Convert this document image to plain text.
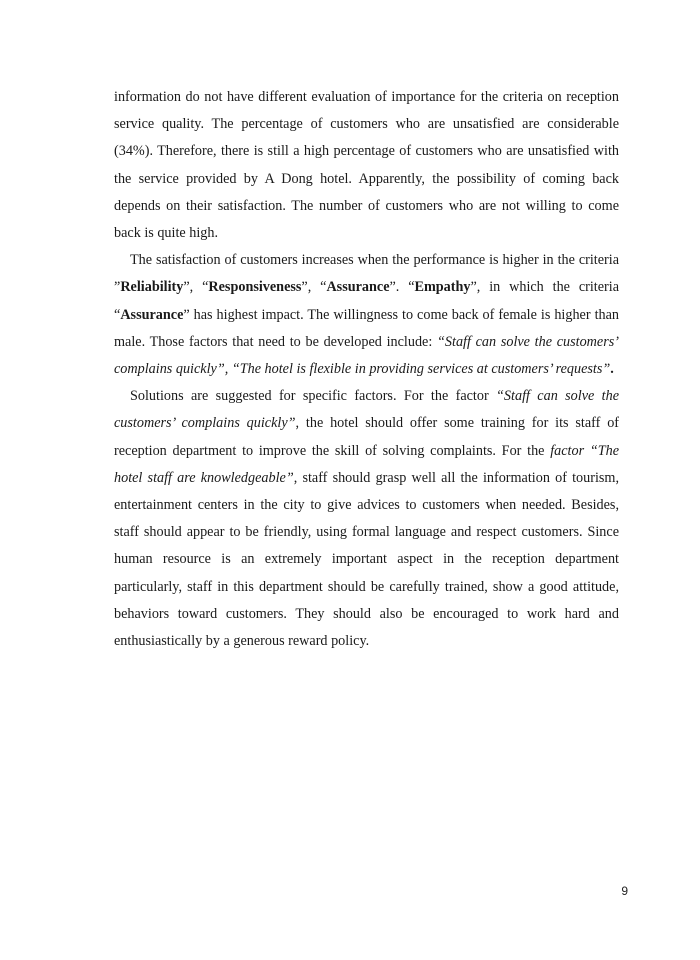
information do not have different evaluation of importance for the criteria on reception service quality. The percentage of customers who are unsatisfied are considerable (34%). Therefore, there is still a high percentage of customers who are unsatisfied with the service provided by A Dong hotel. Apparently, the possibility of coming back depends on their satisfaction. The number of customers who are not willing to come back is quite high.

The satisfaction of customers increases when the performance is higher in the criteria ”Reliability”, “Responsiveness”, “Assurance”. “Empathy”, in which the criteria “Assurance” has highest impact. The willingness to come back of female is higher than male. Those factors that need to be developed include: “Staff can solve the customers’ complains quickly”, “The hotel is flexible in providing services at customers’ requests”.

Solutions are suggested for specific factors. For the factor “Staff can solve the customers’ complains quickly”, the hotel should offer some training for its staff of reception department to improve the skill of solving complaints. For the factor “The hotel staff are knowledgeable”, staff should grasp well all the information of tourism, entertainment centers in the city to give advices to customers when needed. Besides, staff should appear to be friendly, using formal language and respect customers. Since human resource is an extremely important aspect in the reception department particularly, staff in this department should be carefully trained, show a good attitude, behaviors toward customers. They should also be encouraged to work hard and enthusiastically by a generous reward policy.

9
